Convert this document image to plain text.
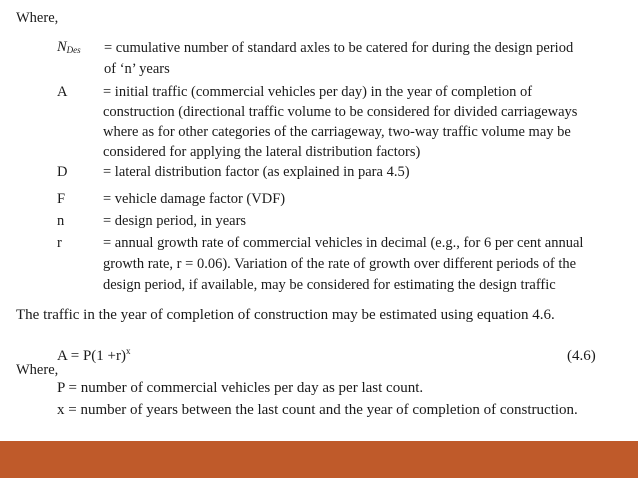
Where,
$N_{Des}$ = cumulative number of standard axles to be catered for during the design period
of ‘n’ years
A = initial traffic (commercial vehicles per day) in the year of completion of
construction (directional traffic volume to be considered for divided carriageways
where as for other categories of the carriageway, two-way traffic volume may be
considered for applying the lateral distribution factors)
D = lateral distribution factor (as explained in para 4.5)
F	= vehicle damage factor (VDF)
n	= design period, in years
r	= annual growth rate of commercial vehicles in decimal (e.g., for 6 per cent annual
growth rate, r = 0.06). Variation of the rate of growth over different periods of the
design period, if available, may be considered for estimating the design traffic
The traffic in the year of completion of construction may be estimated using equation 4.6.
$A = P(1 +r)^x$	(4.6)
Where,
P = number of commercial vehicles per day as per last count.
x = number of years between the last count and the year of completion of construction.
